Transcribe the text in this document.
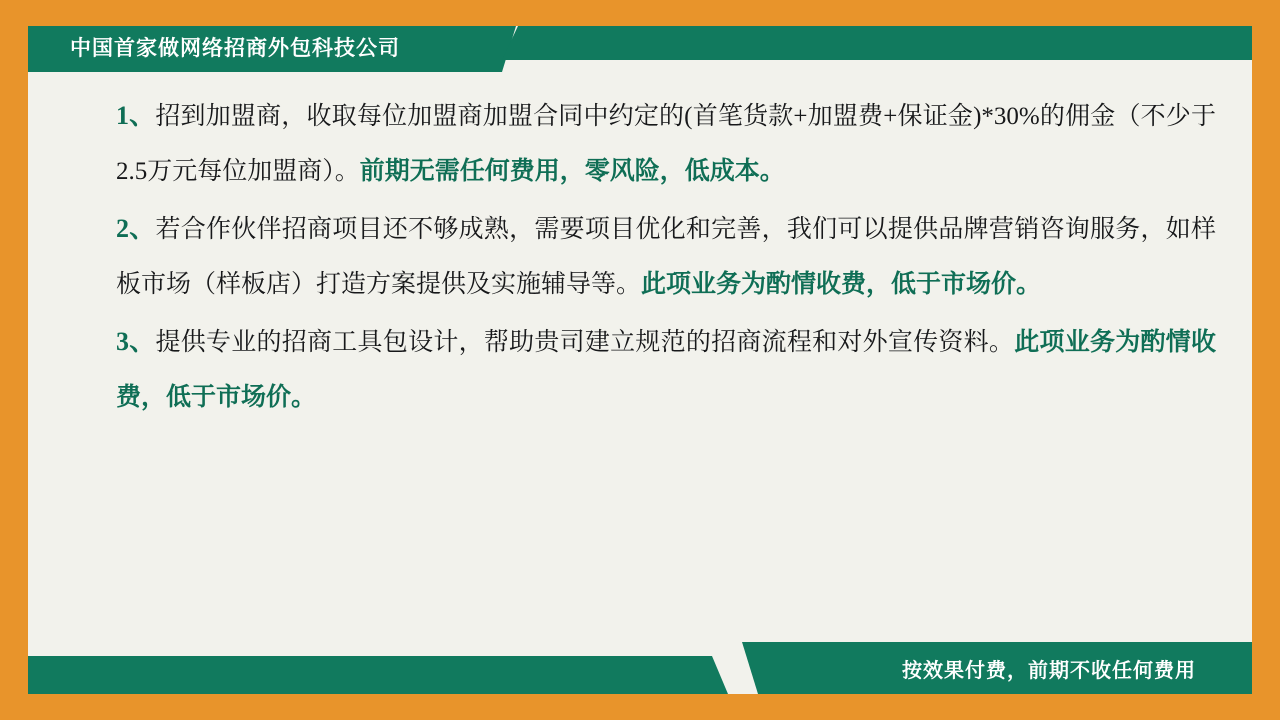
中国首家做网络招商外包科技公司

1、招到加盟商，收取每位加盟商加盟合同中约定的(首笔货款+加盟费+保证金)*30%的佣金（不少于2.5万元每位加盟商）。前期无需任何费用，零风险，低成本。

2、若合作伙伴招商项目还不够成熟，需要项目优化和完善，我们可以提供品牌营销咨询服务，如样板市场（样板店）打造方案提供及实施辅导等。此项业务为酌情收费，低于市场价。

3、提供专业的招商工具包设计，帮助贵司建立规范的招商流程和对外宣传资料。此项业务为酌情收费，低于市场价。

按效果付费，前期不收任何费用
